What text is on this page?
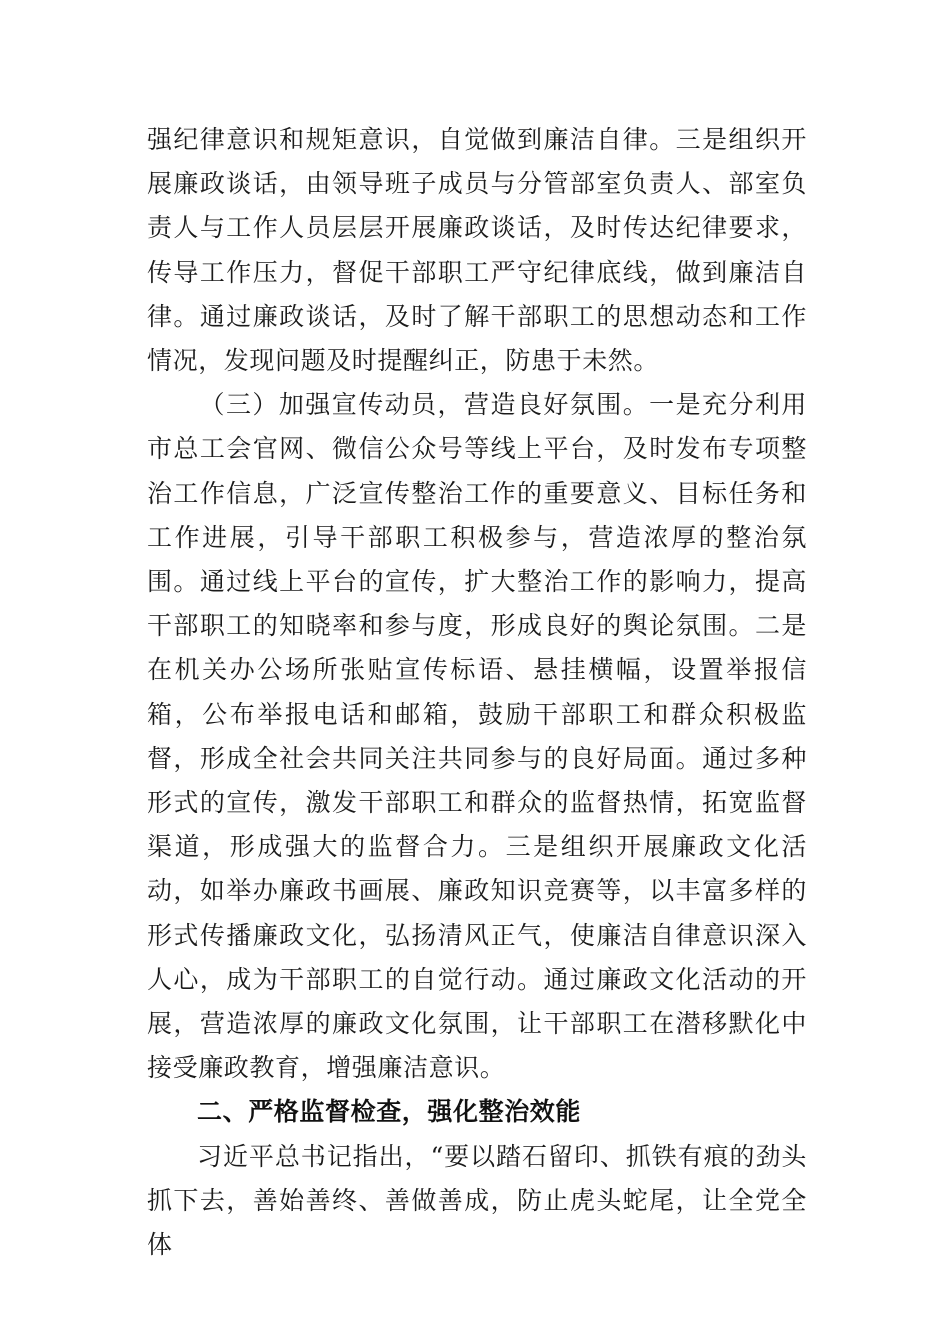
强纪律意识和规矩意识，自觉做到廉洁自律。三是组织开展廉政谈话，由领导班子成员与分管部室负责人、部室负责人与工作人员层层开展廉政谈话，及时传达纪律要求，传导工作压力，督促干部职工严守纪律底线，做到廉洁自律。通过廉政谈话，及时了解干部职工的思想动态和工作情况，发现问题及时提醒纠正，防患于未然。

（三）加强宣传动员，营造良好氛围。一是充分利用市总工会官网、微信公众号等线上平台，及时发布专项整治工作信息，广泛宣传整治工作的重要意义、目标任务和工作进展，引导干部职工积极参与，营造浓厚的整治氛围。通过线上平台的宣传，扩大整治工作的影响力，提高干部职工的知晓率和参与度，形成良好的舆论氛围。二是在机关办公场所张贴宣传标语、悬挂横幅，设置举报信箱，公布举报电话和邮箱，鼓励干部职工和群众积极监督，形成全社会共同关注共同参与的良好局面。通过多种形式的宣传，激发干部职工和群众的监督热情，拓宽监督渠道，形成强大的监督合力。三是组织开展廉政文化活动，如举办廉政书画展、廉政知识竞赛等，以丰富多样的形式传播廉政文化，弘扬清风正气，使廉洁自律意识深入人心，成为干部职工的自觉行动。通过廉政文化活动的开展，营造浓厚的廉政文化氛围，让干部职工在潜移默化中接受廉政教育，增强廉洁意识。

二、严格监督检查，强化整治效能

习近平总书记指出，“要以踏石留印、抓铁有痕的劲头抓下去，善始善终、善做善成，防止虎头蛇尾，让全党全体
